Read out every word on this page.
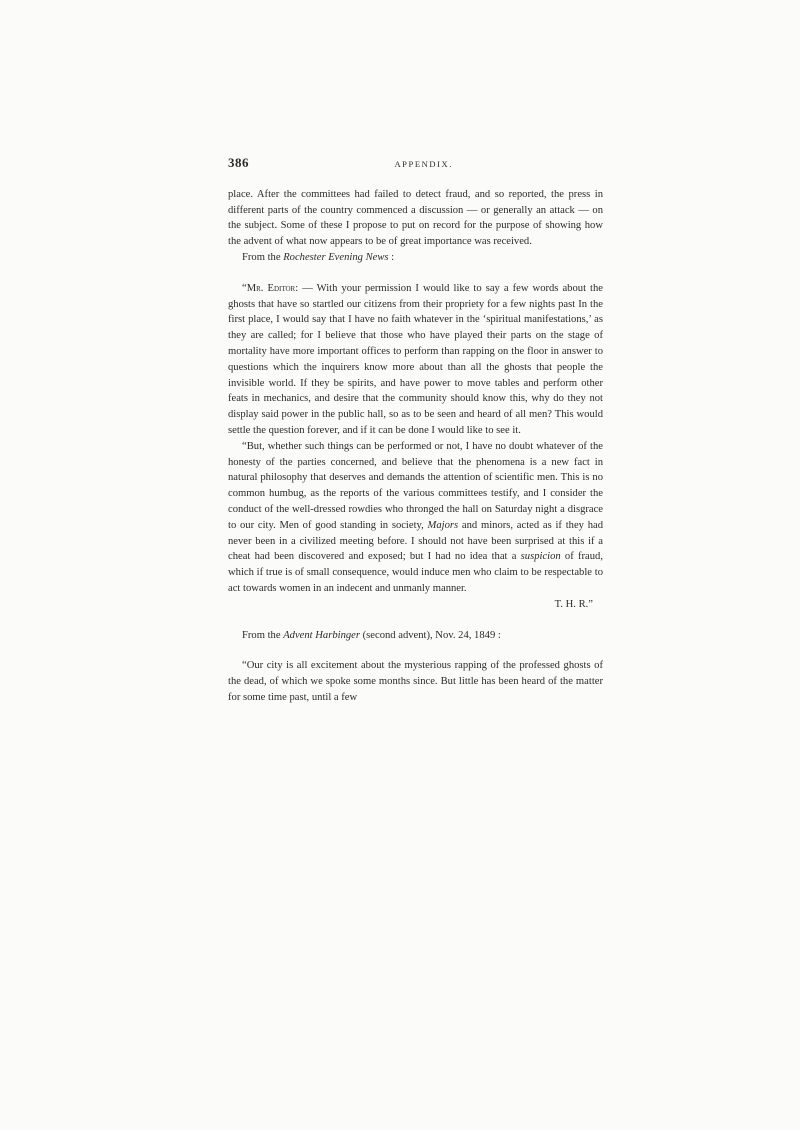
386	APPENDIX.

place. After the committees had failed to detect fraud, and so reported, the press in different parts of the country commenced a discussion — or generally an attack — on the subject. Some of these I propose to put on record for the purpose of showing how the advent of what now appears to be of great importance was received.

From the Rochester Evening News :

“Mr. Editor: — With your permission I would like to say a few words about the ghosts that have so startled our citizens from their propriety for a few nights past In the first place, I would say that I have no faith whatever in the ‘spiritual manifestations,’ as they are called; for I believe that those who have played their parts on the stage of mortality have more important offices to perform than rapping on the floor in answer to questions which the inquirers know more about than all the ghosts that people the invisible world. If they be spirits, and have power to move tables and perform other feats in mechanics, and desire that the community should know this, why do they not display said power in the public hall, so as to be seen and heard of all men? This would settle the question forever, and if it can be done I would like to see it.

“But, whether such things can be performed or not, I have no doubt whatever of the honesty of the parties concerned, and believe that the phenomena is a new fact in natural philosophy that deserves and demands the attention of scientific men. This is no common humbug, as the reports of the various committees testify, and I consider the conduct of the well-dressed rowdies who thronged the hall on Saturday night a disgrace to our city. Men of good standing in society, Majors and minors, acted as if they had never been in a civilized meeting before. I should not have been surprised at this if a cheat had been discovered and exposed; but I had no idea that a suspicion of fraud, which if true is of small consequence, would induce men who claim to be respectable to act towards women in an indecent and unmanly manner.
T. H. R.”

From the Advent Harbinger (second advent), Nov. 24, 1849 :

“Our city is all excitement about the mysterious rapping of the professed ghosts of the dead, of which we spoke some months since. But little has been heard of the matter for some time past, until a few
